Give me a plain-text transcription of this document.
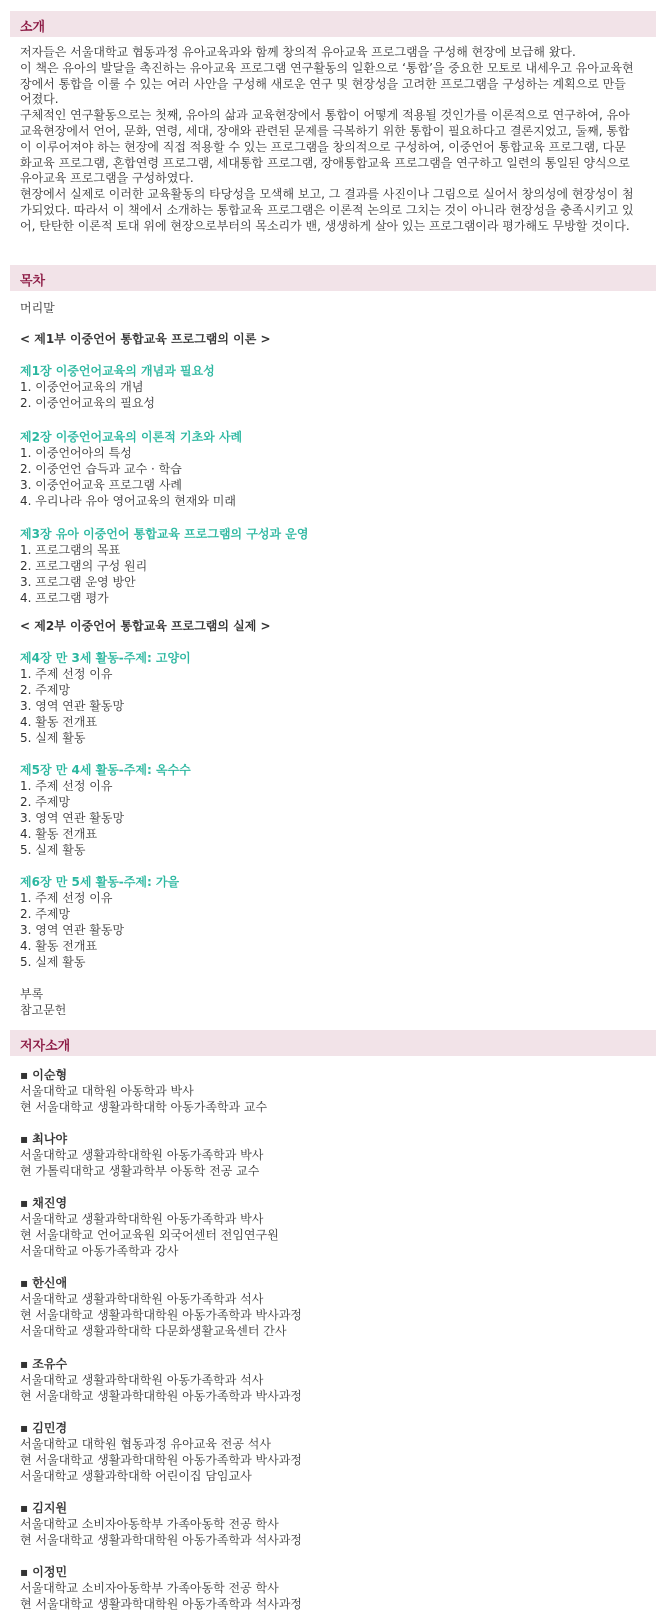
소개
저자들은 서울대학교 협동과정 유아교육과와 함께 창의적 유아교육 프로그램을 구성해 현장에 보급해 왔다.
이 책은 유아의 발달을 촉진하는 유아교육 프로그램 연구활동의 일환으로 ‘통합’을 중요한 모토로 내세우고 유아교육현
장에서 통합을 이룰 수 있는 여러 사안을 구성해 새로운 연구 및 현장성을 고려한 프로그램을 구성하는 계획으로 만들
어졌다.
구체적인 연구활동으로는 첫째, 유아의 삶과 교육현장에서 통합이 어떻게 적용될 것인가를 이론적으로 연구하여, 유아
교육현장에서 언어, 문화, 연령, 세대, 장애와 관련된 문제를 극복하기 위한 통합이 필요하다고 결론지었고, 둘째, 통합
이 이루어져야 하는 현장에 직접 적용할 수 있는 프로그램을 창의적으로 구성하여, 이중언어 통합교육 프로그램, 다문
화교육 프로그램, 혼합연령 프로그램, 세대통합 프로그램, 장애통합교육 프로그램을 연구하고 일련의 통일된 양식으로
유아교육 프로그램을 구성하였다.
현장에서 실제로 이러한 교육활동의 타당성을 모색해 보고, 그 결과를 사진이나 그림으로 실어서 창의성에 현장성이 첨
가되었다. 따라서 이 책에서 소개하는 통합교육 프로그램은 이론적 논의로 그치는 것이 아니라 현장성을 충족시키고 있
어, 탄탄한 이론적 토대 위에 현장으로부터의 목소리가 밴, 생생하게 살아 있는 프로그램이라 평가해도 무방할 것이다.
목차
머리말
< 제1부 이중언어 통합교육 프로그램의 이론 >
제1장 이중언어교육의 개념과 필요성
1. 이중언어교육의 개념
2. 이중언어교육의 필요성
제2장 이중언어교육의 이론적 기초와 사례
1. 이중언어아의 특성
2. 이중언언 습득과 교수 · 학습
3. 이중언어교육 프로그램 사례
4. 우리나라 유아 영어교육의 현재와 미래
제3장 유아 이중언어 통합교육 프로그램의 구성과 운영
1. 프로그램의 목표
2. 프로그램의 구성 원리
3. 프로그램 운영 방안
4. 프로그램 평가
< 제2부 이중언어 통합교육 프로그램의 실제 >
제4장 만 3세 활동-주제: 고양이
1. 주제 선정 이유
2. 주제망
3. 영역 연관 활동망
4. 활동 전개표
5. 실제 활동
제5장 만 4세 활동-주제: 옥수수
1. 주제 선정 이유
2. 주제망
3. 영역 연관 활동망
4. 활동 전개표
5. 실제 활동
제6장 만 5세 활동-주제: 가을
1. 주제 선정 이유
2. 주제망
3. 영역 연관 활동망
4. 활동 전개표
5. 실제 활동
부록
참고문헌
저자소개
▪ 이순형
서울대학교 대학원 아동학과 박사
현 서울대학교 생활과학대학 아동가족학과 교수
▪ 최나야
서울대학교 생활과학대학원 아동가족학과 박사
현 가톨릭대학교 생활과학부 아동학 전공 교수
▪ 채진영
서울대학교 생활과학대학원 아동가족학과 박사
현 서울대학교 언어교육원 외국어센터 전임연구원
서울대학교 아동가족학과 강사
▪ 한신애
서울대학교 생활과학대학원 아동가족학과 석사
현 서울대학교 생활과학대학원 아동가족학과 박사과정
서울대학교 생활과학대학 다문화생활교육센터 간사
▪ 조유수
서울대학교 생활과학대학원 아동가족학과 석사
현 서울대학교 생활과학대학원 아동가족학과 박사과정
▪ 김민경
서울대학교 대학원 협동과정 유아교육 전공 석사
현 서울대학교 생활과학대학원 아동가족학과 박사과정
서울대학교 생활과학대학 어린이집 담임교사
▪ 김지원
서울대학교 소비자아동학부 가족아동학 전공 학사
현 서울대학교 생활과학대학원 아동가족학과 석사과정
▪ 이정민
서울대학교 소비자아동학부 가족아동학 전공 학사
현 서울대학교 생활과학대학원 아동가족학과 석사과정
